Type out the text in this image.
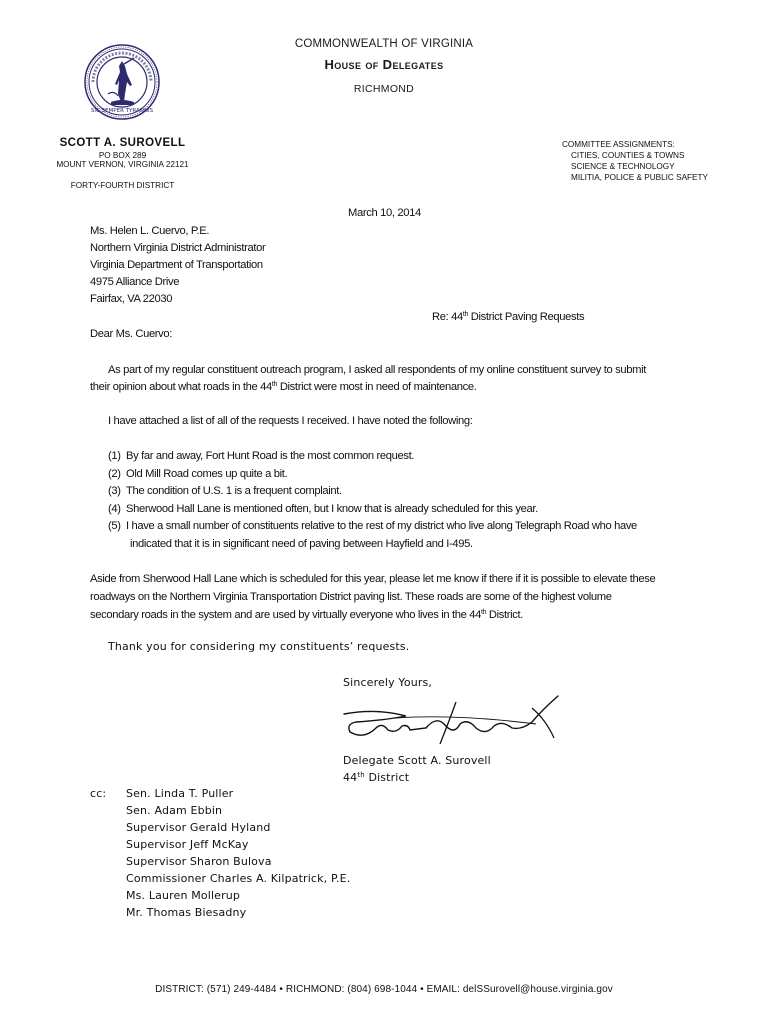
SIC SEMPER TYRANNIS
COMMONWEALTH OF VIRGINIA
House of Delegates
RICHMOND
SCOTT A. SUROVELL
PO BOX 289
MOUNT VERNON, VIRGINIA 22121
FORTY-FOURTH DISTRICT
COMMITTEE ASSIGNMENTS:
CITIES, COUNTIES & TOWNS
SCIENCE & TECHNOLOGY
MILITIA, POLICE & PUBLIC SAFETY
March 10, 2014
Ms. Helen L. Cuervo, P.E.
Northern Virginia District Administrator
Virginia Department of Transportation
4975 Alliance Drive
Fairfax, VA 22030
Re: 44th District Paving Requests
Dear Ms. Cuervo:
As part of my regular constituent outreach program, I asked all respondents of my online constituent survey to submit
their opinion about what roads in the 44th District were most in need of maintenance.
I have attached a list of all of the requests I received. I have noted the following:
(1) By far and away, Fort Hunt Road is the most common request.
(2) Old Mill Road comes up quite a bit.
(3) The condition of U.S. 1 is a frequent complaint.
(4) Sherwood Hall Lane is mentioned often, but I know that is already scheduled for this year.
(5) I have a small number of constituents relative to the rest of my district who live along Telegraph Road who have
indicated that it is in significant need of paving between Hayfield and I-495.
Aside from Sherwood Hall Lane which is scheduled for this year, please let me know if there if it is possible to elevate these
roadways on the Northern Virginia Transportation District paving list. These roads are some of the highest volume
secondary roads in the system and are used by virtually everyone who lives in the 44th District.
Thank you for considering my constituents’ requests.
Sincerely Yours,
Delegate Scott A. Surovell
44th District
cc: Sen. Linda T. Puller
Sen. Adam Ebbin
Supervisor Gerald Hyland
Supervisor Jeff McKay
Supervisor Sharon Bulova
Commissioner Charles A. Kilpatrick, P.E.
Ms. Lauren Mollerup
Mr. Thomas Biesadny
DISTRICT: (571) 249-4484 • RICHMOND: (804) 698-1044 • EMAIL: delSSurovell@house.virginia.gov
